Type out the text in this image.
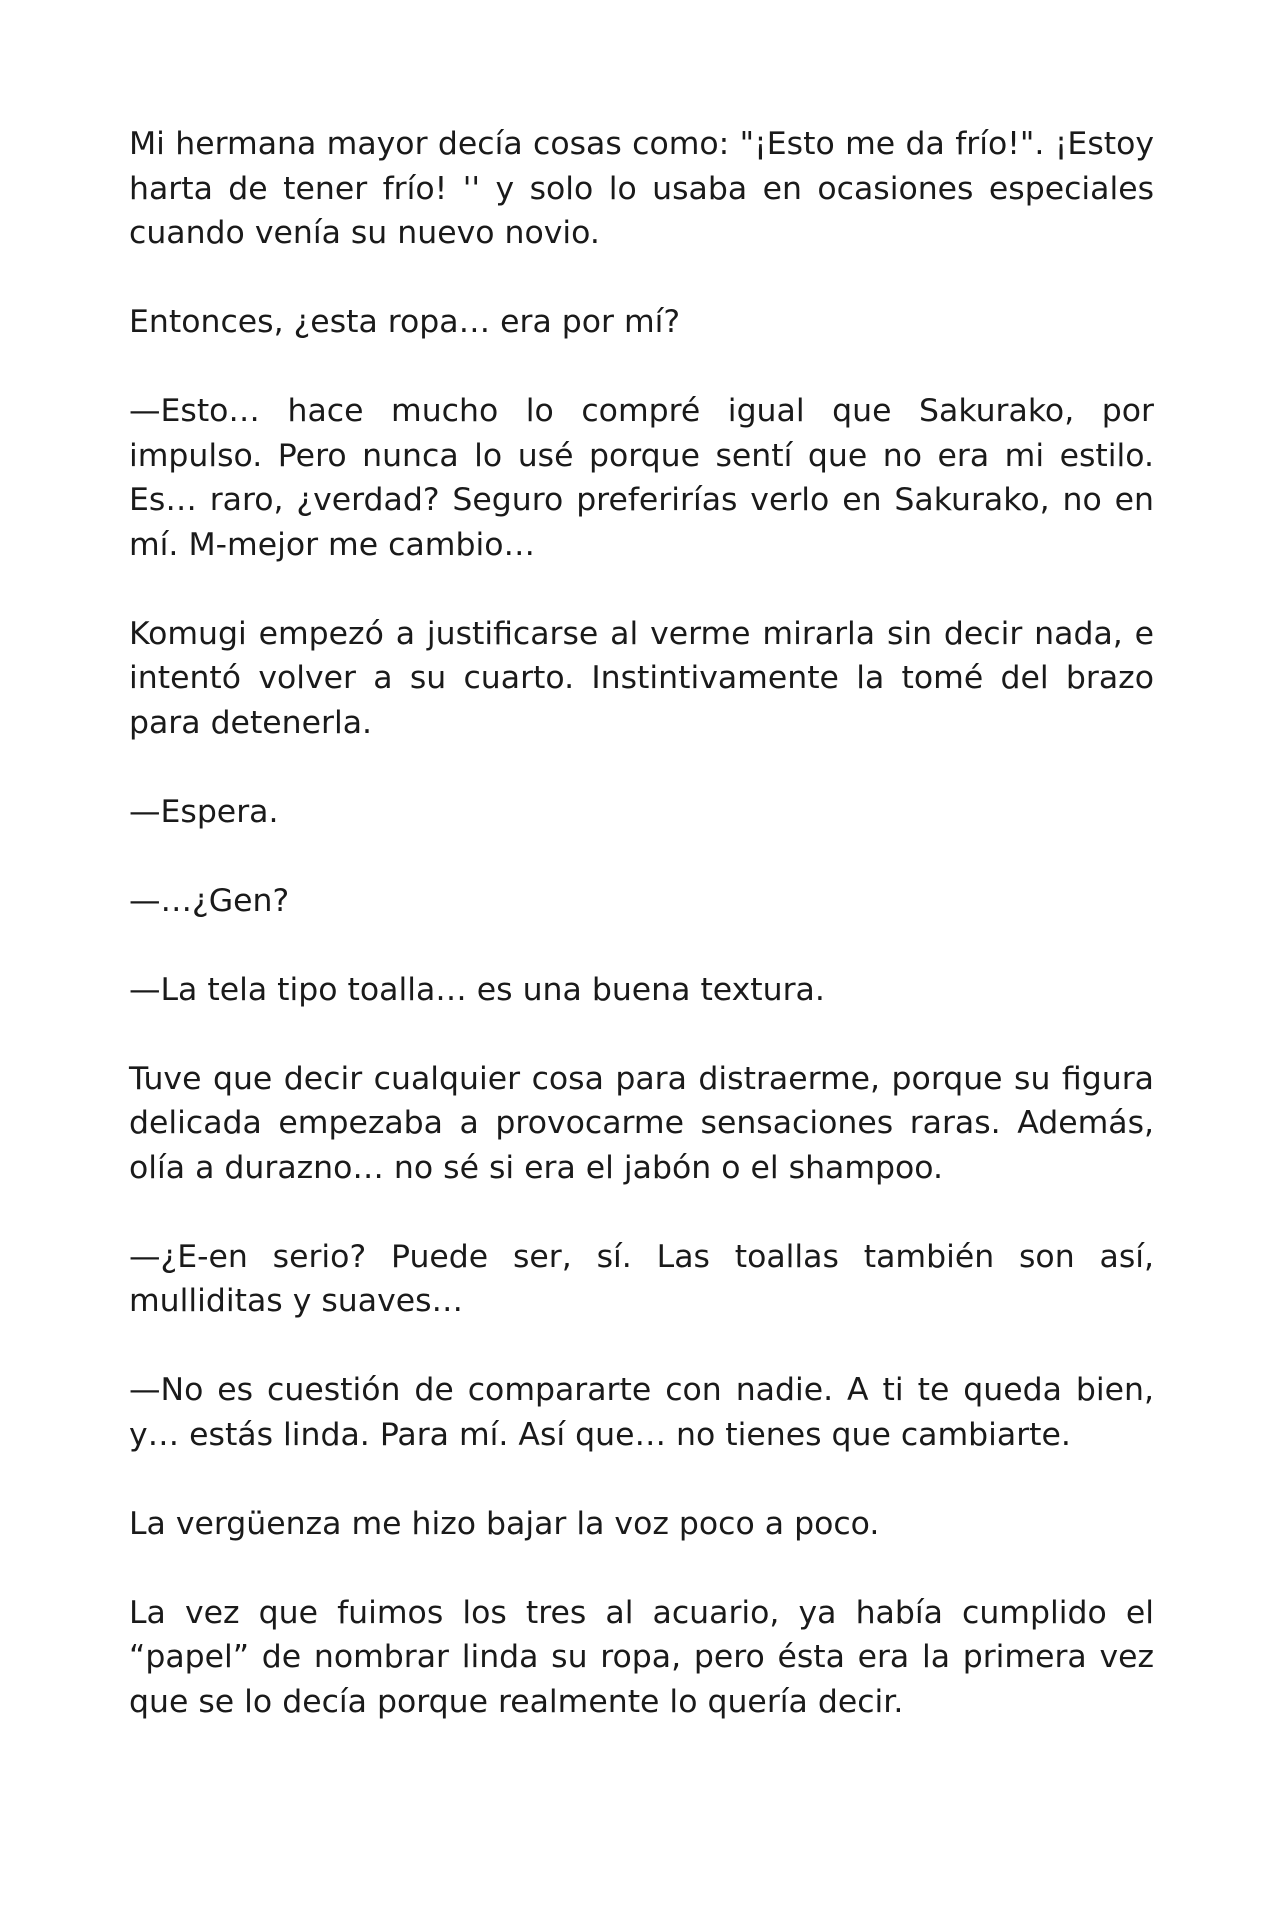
Mi hermana mayor decía cosas como: "¡Esto me da frío!". ¡Estoy harta de tener frío! '' y solo lo usaba en ocasiones especiales cuando venía su nuevo novio.

Entonces, ¿esta ropa… era por mí?

—Esto… hace mucho lo compré igual que Sakurako, por impulso. Pero nunca lo usé porque sentí que no era mi estilo. Es… raro, ¿verdad? Seguro preferirías verlo en Sakurako, no en mí. M-mejor me cambio…

Komugi empezó a justificarse al verme mirarla sin decir nada, e intentó volver a su cuarto. Instintivamente la tomé del brazo para detenerla.

—Espera.

—…¿Gen?

—La tela tipo toalla… es una buena textura.

Tuve que decir cualquier cosa para distraerme, porque su figura delicada empezaba a provocarme sensaciones raras. Además, olía a durazno… no sé si era el jabón o el shampoo.

—¿E-en serio? Puede ser, sí. Las toallas también son así, mulliditas y suaves…

—No es cuestión de compararte con nadie. A ti te queda bien, y… estás linda. Para mí. Así que… no tienes que cambiarte.

La vergüenza me hizo bajar la voz poco a poco.

La vez que fuimos los tres al acuario, ya había cumplido el “papel” de nombrar linda su ropa, pero ésta era la primera vez que se lo decía porque realmente lo quería decir.
